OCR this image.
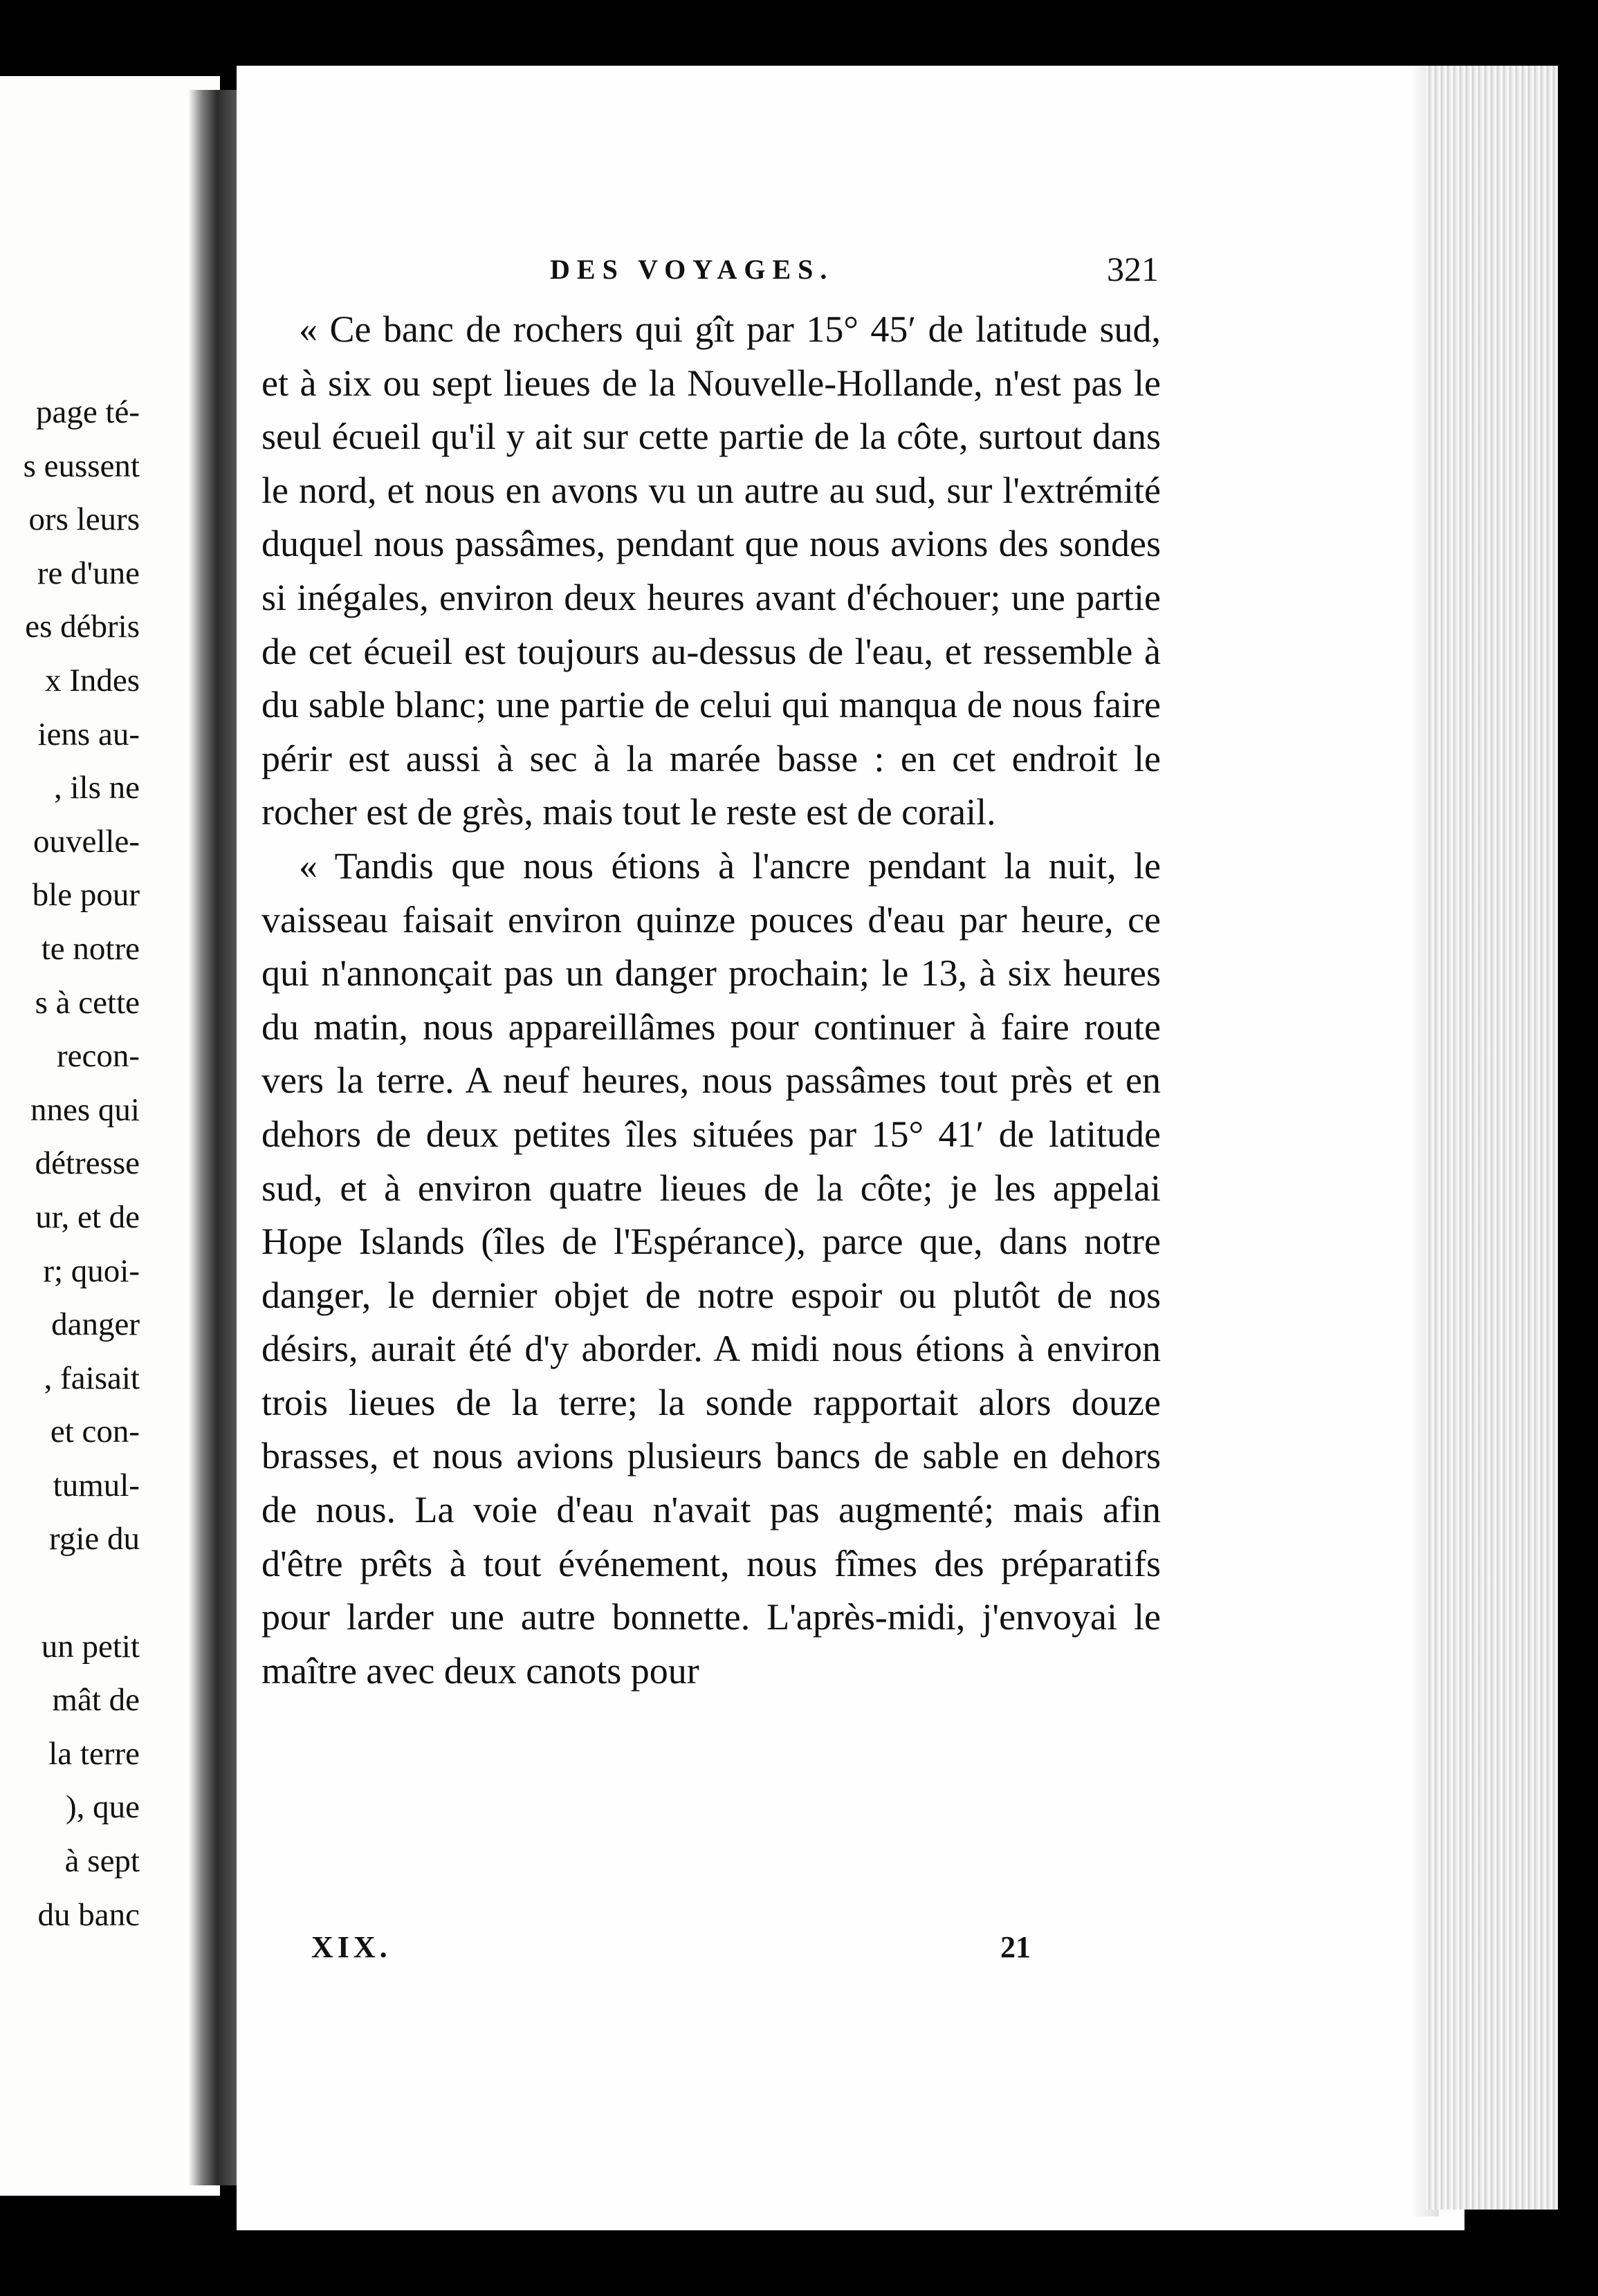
page té-
s eussent
ors leurs
re d'une
es débris
x Indes
iens au-
, ils ne
ouvelle-
ble pour
te notre
s à cette
recon-
nnes qui
détresse
ur, et de
r; quoi-
danger
, faisait
et con-
tumul-
rgie du
un petit
mât de
la terre
), que
à sept
du banc
DES VOYAGES.	321

« Ce banc de rochers qui gît par 15° 45′ de latitude sud, et à six ou sept lieues de la Nouvelle-Hollande, n'est pas le seul écueil qu'il y ait sur cette partie de la côte, surtout dans le nord, et nous en avons vu un autre au sud, sur l'extrémité duquel nous passâmes, pendant que nous avions des sondes si inégales, environ deux heures avant d'échouer; une partie de cet écueil est toujours au-dessus de l'eau, et ressemble à du sable blanc; une partie de celui qui manqua de nous faire périr est aussi à sec à la marée basse : en cet endroit le rocher est de grès, mais tout le reste est de corail.

« Tandis que nous étions à l'ancre pendant la nuit, le vaisseau faisait environ quinze pouces d'eau par heure, ce qui n'annonçait pas un danger prochain; le 13, à six heures du matin, nous appareillâmes pour continuer à faire route vers la terre. A neuf heures, nous passâmes tout près et en dehors de deux petites îles situées par 15° 41′ de latitude sud, et à environ quatre lieues de la côte; je les appelai Hope Islands (îles de l'Espérance), parce que, dans notre danger, le dernier objet de notre espoir ou plutôt de nos désirs, aurait été d'y aborder. A midi nous étions à environ trois lieues de la terre; la sonde rapportait alors douze brasses, et nous avions plusieurs bancs de sable en dehors de nous. La voie d'eau n'avait pas augmenté; mais afin d'être prêts à tout événement, nous fîmes des préparatifs pour larder une autre bonnette. L'après-midi, j'envoyai le maître avec deux canots pour

XIX.	21
